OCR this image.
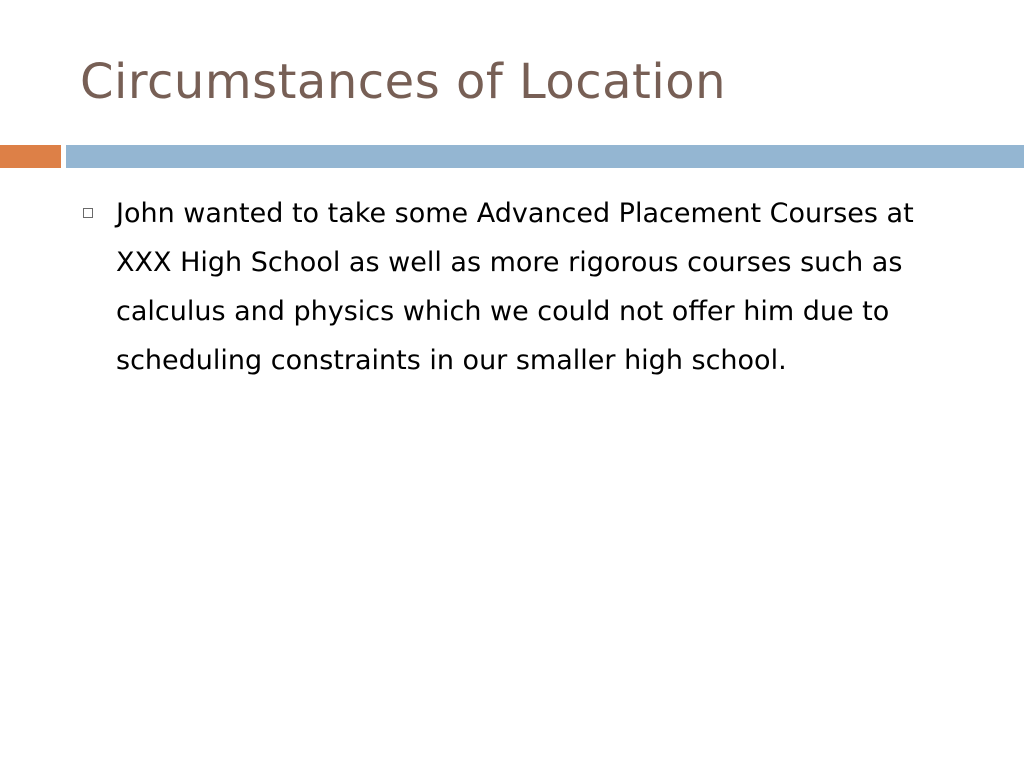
Circumstances of Location

John wanted to take some Advanced Placement Courses at XXX High School as well as more rigorous courses such as calculus and physics which we could not offer him due to scheduling constraints in our smaller high school.
